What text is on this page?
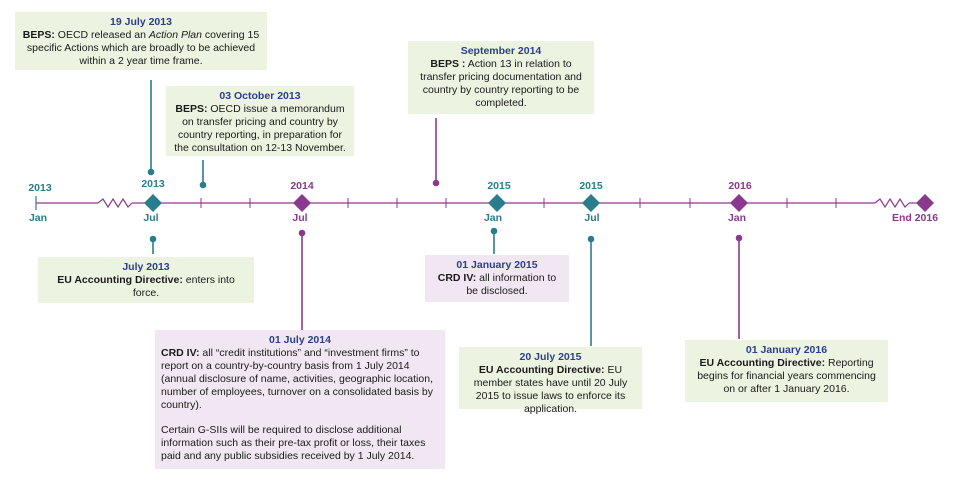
2013
Jan
2013
Jul
2014
Jul
2015
Jan
2015
Jul
2016
Jan	End 2016
19 July 2013
BEPS: OECD released an Action Plan covering 15 specific Actions which are broadly to be achieved within a 2 year time frame.
03 October 2013
BEPS: OECD issue a memorandum on transfer pricing and country by country reporting, in preparation for the consultation on 12-13 November.
September 2014
BEPS : Action 13 in relation to transfer pricing documentation and country by country reporting to be completed.
July 2013
EU Accounting Directive: enters into force.
01 July 2014

CRD IV: all “credit institutions” and “investment firms” to report on a country-by-country basis from 1 July 2014 (annual disclosure of name, activities, geographic location, number of employees, turnover on a consolidated basis by country).

Certain G-SIIs will be required to disclose additional information such as their pre-tax profit or loss, their taxes paid and any public subsidies received by 1 July 2014.

01 January 2015
CRD IV: all information to be disclosed.
20 July 2015
EU Accounting Directive: EU member states have until 20 July 2015 to issue laws to enforce its application.
01 January 2016
EU Accounting Directive: Reporting begins for financial years commencing on or after 1 January 2016.
